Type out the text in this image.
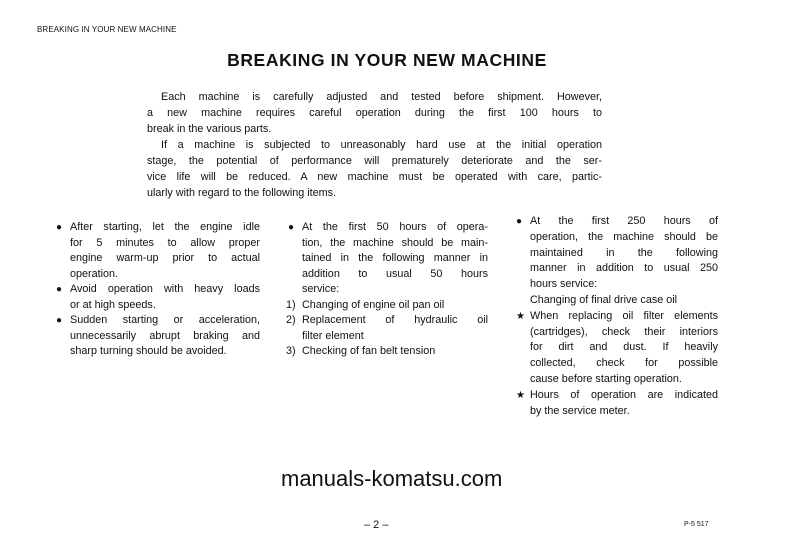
BREAKING IN YOUR NEW MACHINE
BREAKING IN YOUR NEW MACHINE
Each machine is carefully adjusted and tested before shipment. However,
a new machine requires careful operation during the first 100 hours to
break in the various parts.
If a machine is subjected to unreasonably hard use at the initial operation
stage, the potential of performance will prematurely deteriorate and the ser-
vice life will be reduced. A new machine must be operated with care, partic-
ularly with regard to the following items.
● After starting, let the engine idle
for 5 minutes to allow proper
engine warm-up prior to actual
operation.
● Avoid operation with heavy loads
or at high speeds.
● Sudden starting or acceleration,
unnecessarily abrupt braking and
sharp turning should be avoided.
● At the first 50 hours of opera-
tion, the machine should be main-
tained in the following manner in
addition to usual 50 hours
service:
1) Changing of engine oil pan oil
2) Replacement of hydraulic oil
filter element
3) Checking of fan belt tension
● At the first 250 hours of
operation, the machine should be
maintained in the following
manner in addition to usual 250
hours service:
Changing of final drive case oil
★ When replacing oil filter elements
(cartridges), check their interiors
for dirt and dust. If heavily
collected, check for possible
cause before starting operation.
★ Hours of operation are indicated
by the service meter.
manuals-komatsu.com
– 2 –	P-5 517
